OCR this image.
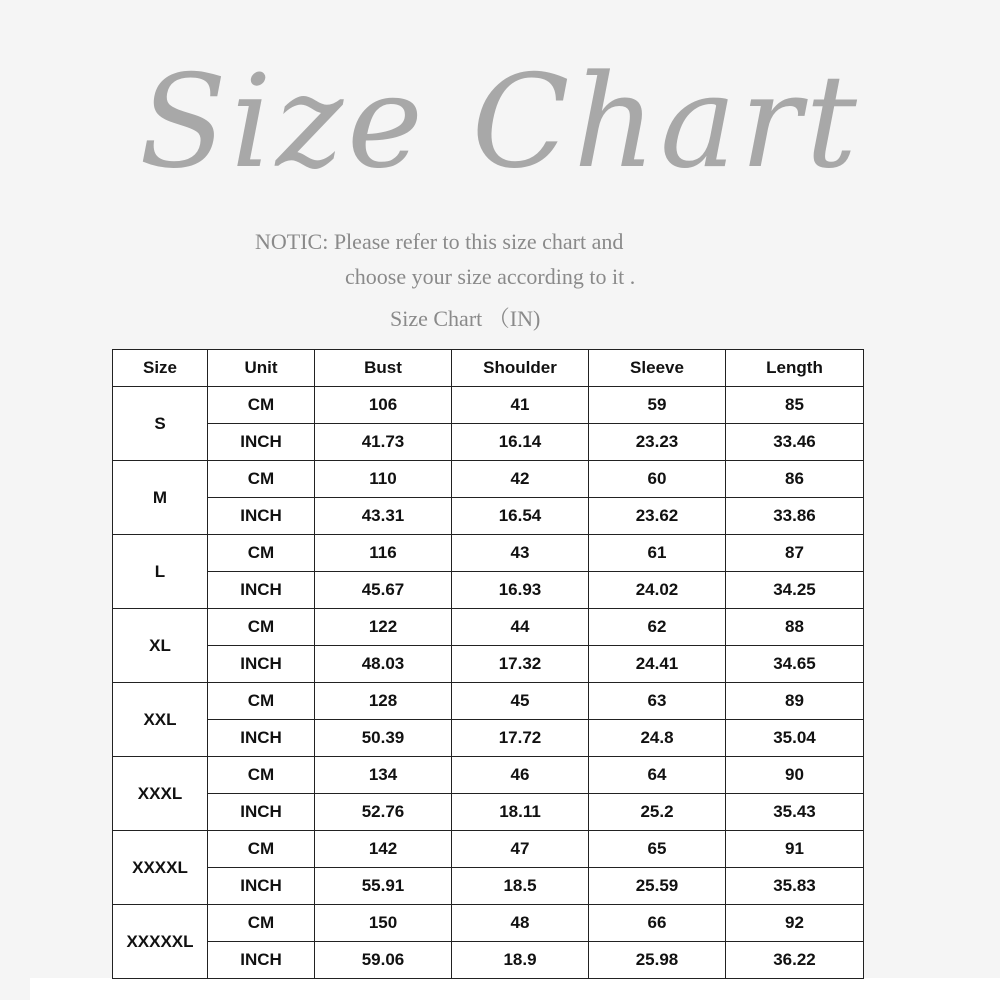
Size Chart
NOTIC: Please refer to this size chart and
choose your size according to it .
Size Chart （IN)
Size	Unit	Bust	Shoulder	Sleeve	Length
S	CM	106	41	59	85
	INCH	41.73	16.14	23.23	33.46
M	CM	110	42	60	86
	INCH	43.31	16.54	23.62	33.86
L	CM	116	43	61	87
	INCH	45.67	16.93	24.02	34.25
XL	CM	122	44	62	88
	INCH	48.03	17.32	24.41	34.65
XXL	CM	128	45	63	89
	INCH	50.39	17.72	24.8	35.04
XXXL	CM	134	46	64	90
	INCH	52.76	18.11	25.2	35.43
XXXXL	CM	142	47	65	91
	INCH	55.91	18.5	25.59	35.83
XXXXXL	CM	150	48	66	92
	INCH	59.06	18.9	25.98	36.22
